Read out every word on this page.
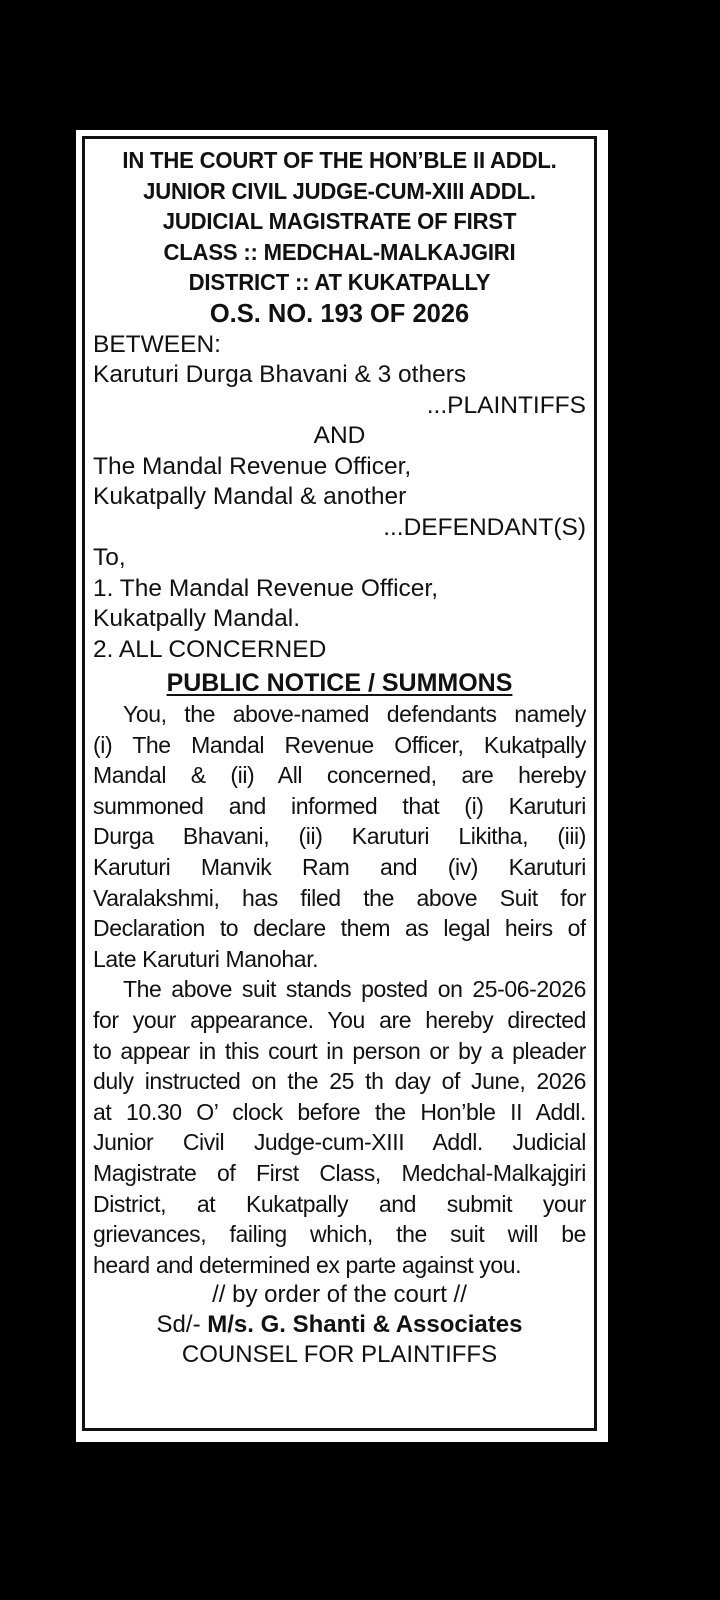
IN THE COURT OF THE HON’BLE II ADDL.
JUNIOR CIVIL JUDGE-CUM-XIII ADDL.
JUDICIAL MAGISTRATE OF FIRST
CLASS :: MEDCHAL-MALKAJGIRI
DISTRICT :: AT KUKATPALLY
O.S. NO. 193 OF 2026
BETWEEN:
Karuturi Durga Bhavani & 3 others
...PLAINTIFFS
AND
The Mandal Revenue Officer,
Kukatpally Mandal & another
...DEFENDANT(S)
To,
1. The Mandal Revenue Officer,
Kukatpally Mandal.
2. ALL CONCERNED
PUBLIC NOTICE / SUMMONS
You, the above-named defendants namely
(i) The Mandal Revenue Officer, Kukatpally
Mandal & (ii) All concerned, are hereby
summoned and informed that (i) Karuturi
Durga Bhavani, (ii) Karuturi Likitha, (iii)
Karuturi Manvik Ram and (iv) Karuturi
Varalakshmi, has filed the above Suit for
Declaration to declare them as legal heirs of
Late Karuturi Manohar.
The above suit stands posted on 25-06-2026
for your appearance. You are hereby directed
to appear in this court in person or by a pleader
duly instructed on the 25 th day of June, 2026
at 10.30 O’ clock before the Hon’ble II Addl.
Junior Civil Judge-cum-XIII Addl. Judicial
Magistrate of First Class, Medchal-Malkajgiri
District, at Kukatpally and submit your
grievances, failing which, the suit will be
heard and determined ex parte against you.
// by order of the court //
Sd/- M/s. G. Shanti & Associates
COUNSEL FOR PLAINTIFFS
